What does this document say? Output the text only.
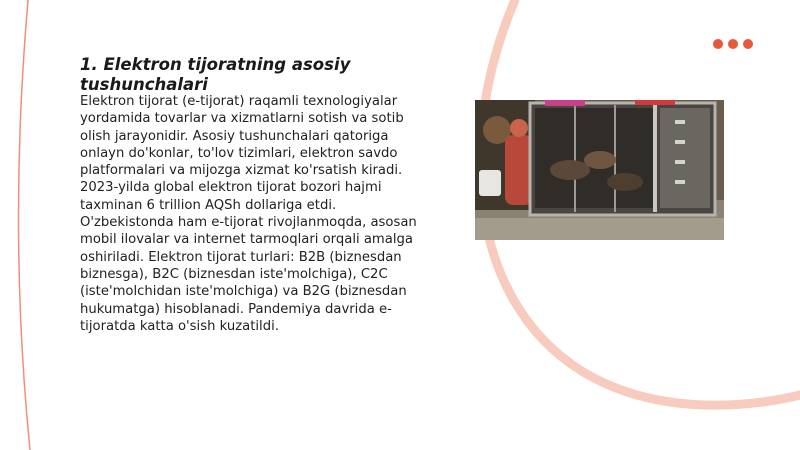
1. Elektron tijoratning asosiy tushunchalari

Elektron tijorat (e-tijorat) raqamli texnologiyalar yordamida tovarlar va xizmatlarni sotish va sotib olish jarayonidir. Asosiy tushunchalari qatoriga onlayn do'konlar, to'lov tizimlari, elektron savdo platformalari va mijozga xizmat ko'rsatish kiradi. 2023-yilda global elektron tijorat bozori hajmi taxminan 6 trillion AQSh dollariga etdi. O'zbekistonda ham e-tijorat rivojlanmoqda, asosan mobil ilovalar va internet tarmoqlari orqali amalga oshiriladi. Elektron tijorat turlari: B2B (biznesdan biznesga), B2C (biznesdan iste'molchiga), C2C (iste'molchidan iste'molchiga) va B2G (biznesdan hukumatga) hisoblanadi. Pandemiya davrida e-tijoratda katta o'sish kuzatildi.
